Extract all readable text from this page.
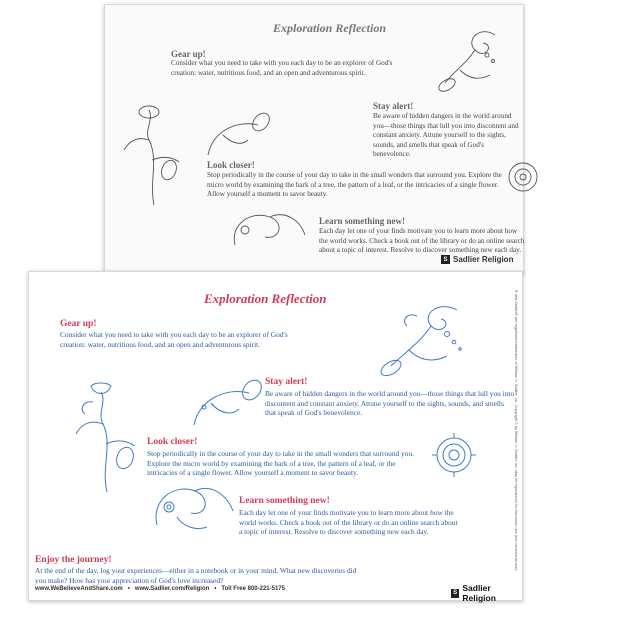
Exploration Reflection
Gear up!
Consider what you need to take with you each day to be an explorer of God's creation: water, nutritious food, and an open and adventurous spirit.
Stay alert!
Be aware of hidden dangers in the world around you—those things that lull you into discontent and constant anxiety. Attune yourself to the sights, sounds, and smells that speak of God's benevolence.
Look closer!
Stop periodically in the course of your day to take in the small wonders that surround you. Explore the micro world by examining the bark of a tree, the pattern of a leaf, or the intricacies of a single flower. Allow yourself a moment to savor beauty.
Learn something new!
Each day let one of your finds motivate you to learn more about how the world works. Check a book out of the library or do an online search about a topic of interest. Resolve to discover something new each day.
S Sadlier Religion
Exploration Reflection
Gear up!
Consider what you need to take with you each day to be an explorer of God's creation: water, nutritious food, and an open and adventurous spirit.
Stay alert!
Be aware of hidden dangers in the world around you—those things that lull you into discontent and constant anxiety. Attune yourself to the sights, sounds, and smells that speak of God's benevolence.
Look closer!
Stop periodically in the course of your day to take in the small wonders that surround you. Explore the micro world by examining the bark of a tree, the pattern of a leaf, or the intricacies of a single flower. Allow yourself a moment to savor beauty.
Learn something new!
Each day let one of your finds motivate you to learn more about how the world works. Check a book out of the library or do an online search about a topic of interest. Resolve to discover something new each day.
Enjoy the journey!
At the end of the day, log your experiences—either in a notebook or in your mind. What new discoveries did you make? How has your appreciation of God's love increased?
www.WeBelieveAndShare.com   •   www.Sadlier.com/Religion   •   Toll Free 800-221-5175
S Sadlier Religion
® and Sadlier® are registered trademarks of William H. Sadlier, Inc. Copyright © by William H. Sadlier, Inc. May be reproduced for classroom use (not commercial use).
